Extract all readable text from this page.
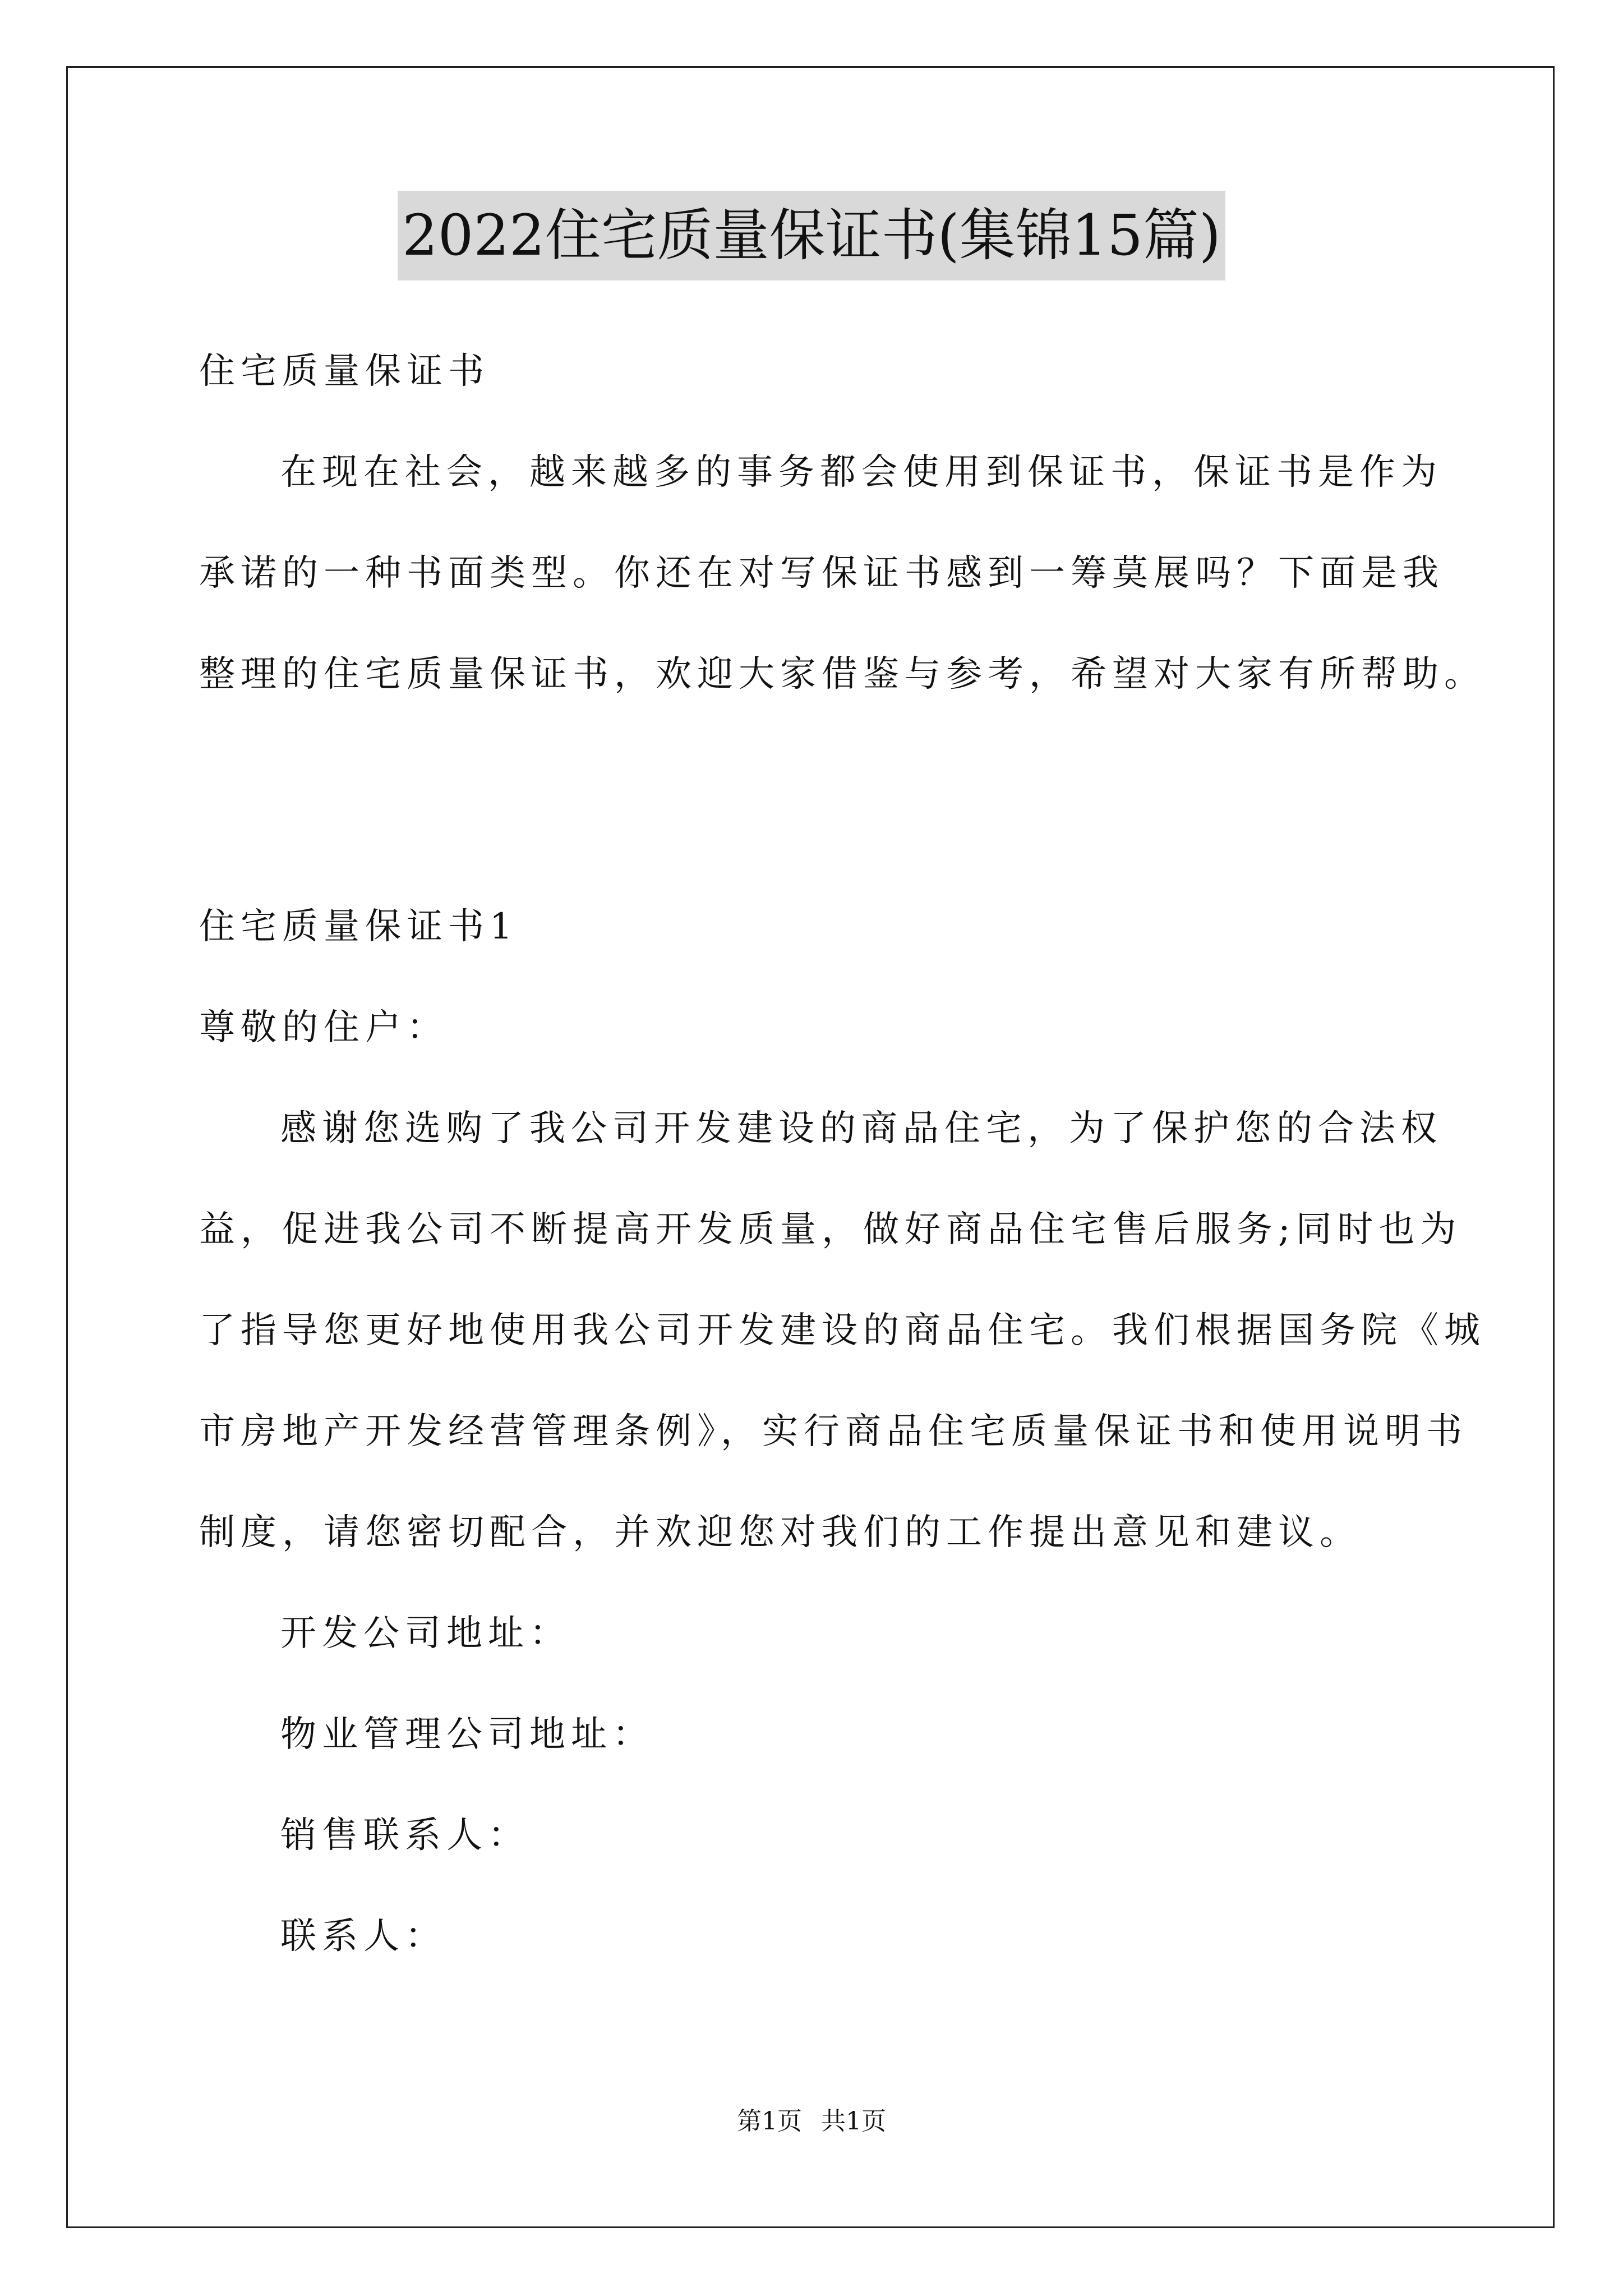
2022住宅质量保证书(集锦15篇)
住宅质量保证书
在现在社会，越来越多的事务都会使用到保证书，保证书是作为
承诺的一种书面类型。你还在对写保证书感到一筹莫展吗？下面是我
整理的住宅质量保证书，欢迎大家借鉴与参考，希望对大家有所帮助。
住宅质量保证书1
尊敬的住户：
感谢您选购了我公司开发建设的商品住宅，为了保护您的合法权
益，促进我公司不断提高开发质量，做好商品住宅售后服务;同时也为
了指导您更好地使用我公司开发建设的商品住宅。我们根据国务院《城
市房地产开发经营管理条例》，实行商品住宅质量保证书和使用说明书
制度，请您密切配合，并欢迎您对我们的工作提出意见和建议。
开发公司地址：
物业管理公司地址：
销售联系人：
联系人：
第1页 共1页
